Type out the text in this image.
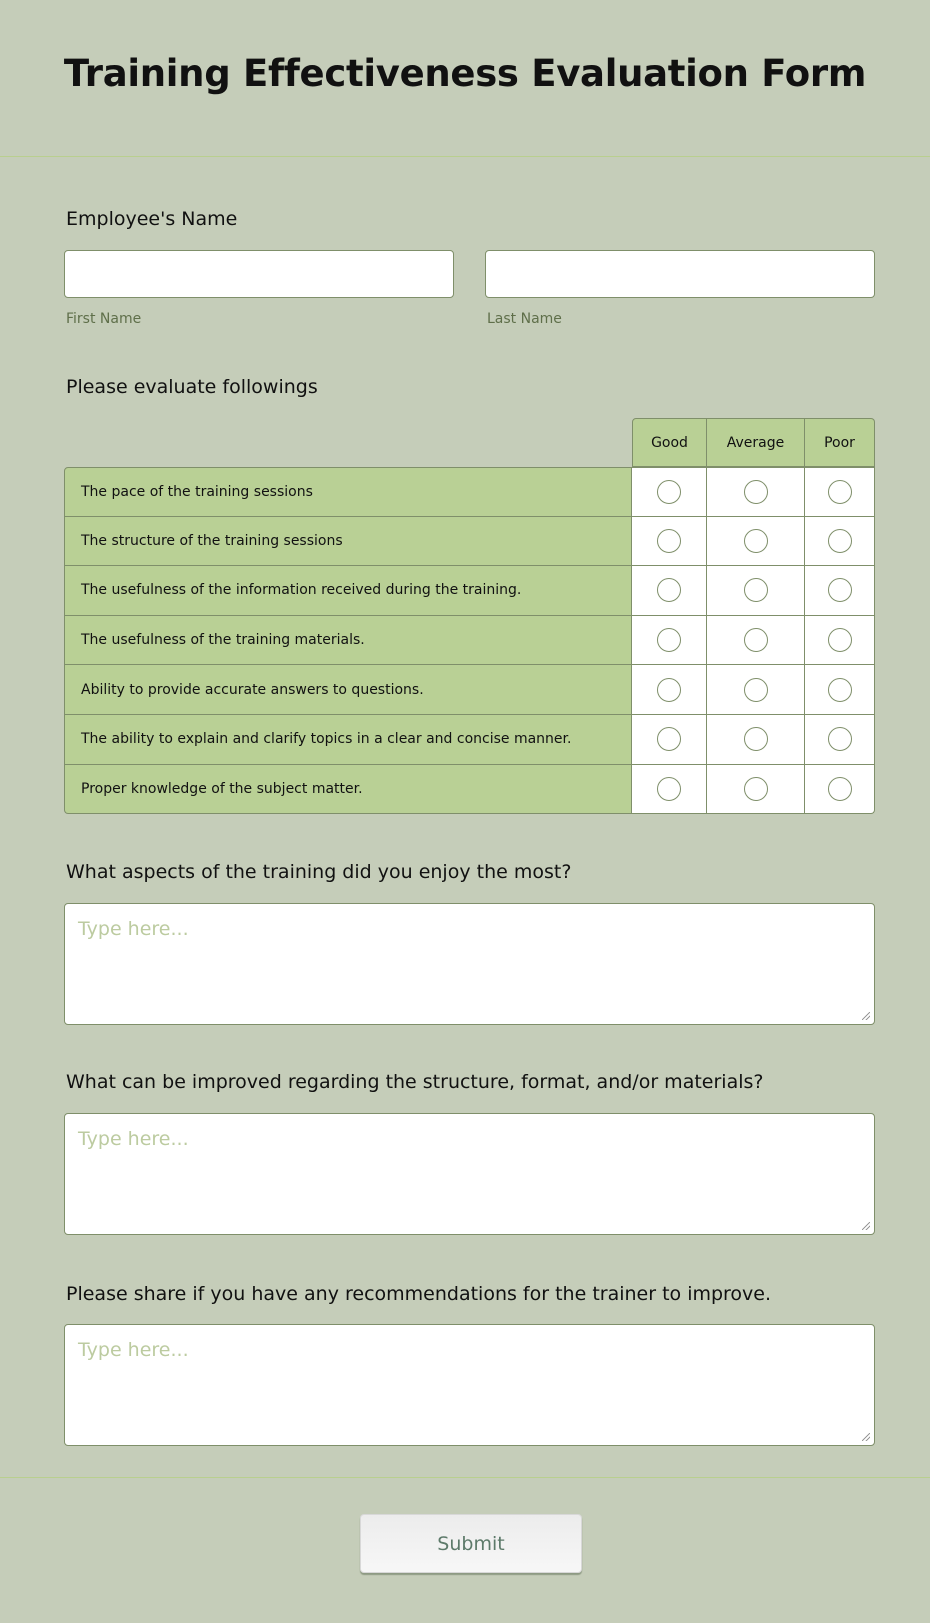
Training Effectiveness Evaluation Form
Employee's Name
First Name	Last Name
Please evaluate followings
	Good	Average	Poor
The pace of the training sessions			
The structure of the training sessions			
The usefulness of the information received during the training.			
The usefulness of the training materials.			
Ability to provide accurate answers to questions.			
The ability to explain and clarify topics in a clear and concise manner.			
Proper knowledge of the subject matter.			
What aspects of the training did you enjoy the most?
Type here...
What can be improved regarding the structure, format, and/or materials?
Type here...
Please share if you have any recommendations for the trainer to improve.
Type here...
Submit
